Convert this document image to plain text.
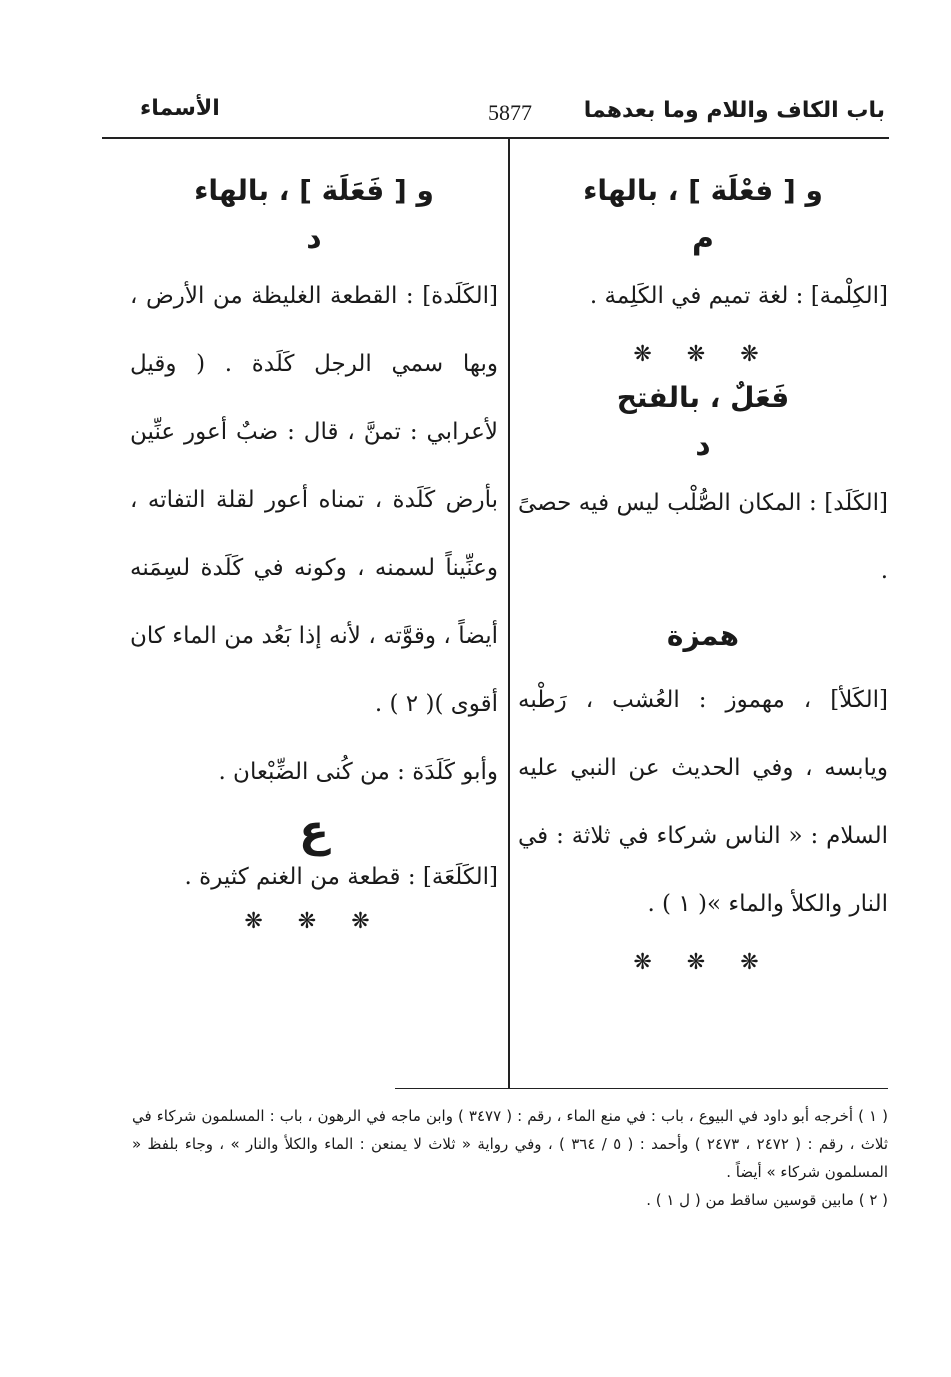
باب الكاف واللام وما بعدهما
5877
الأسماء
و [ فعْلَة ] ، بالهاء
م

[الكِلْمة] : لغة تميم في الكَلِمة .

❋ ❋ ❋
فَعَلٌ ، بالفتح
د

[الكَلَد] : المكان الصُّلْب ليس فيه حصىً .

همزة

[الكَلأ] ، مهموز : العُشب ، رَطْبه ويابسه ، وفي الحديث عن النبي عليه السلام : « الناس شركاء في ثلاثة : في النار والكلأ والماء »( ١ ) .

❋ ❋ ❋
و [ فَعَلَة ] ، بالهاء
د

[الكَلَدة] : القطعة الغليظة من الأرض ، وبها سمي الرجل كَلَدة . ( وقيل لأعرابي : تمنَّ ، قال : ضبٌ أعور عنِّين بأرض كَلَدة ، تمناه أعور لقلة التفاته ، وعنِّيناً لسمنه ، وكونه في كَلَدة لسِمَنه أيضاً ، وقوَّته ، لأنه إذا بَعُد من الماء كان أقوى )( ٢ ) .

وأبو كَلَدَة : من كُنى الضِّبْعان .

ع

[الكَلَعَة] : قطعة من الغنم كثيرة .

❋ ❋ ❋

( ١ ) أخرجه أبو داود في البيوع ، باب : في منع الماء ، رقم : ( ٣٤٧٧ ) وابن ماجه في الرهون ، باب : المسلمون شركاء في ثلاث ، رقم : ( ٢٤٧٢ ، ٢٤٧٣ ) وأحمد : ( ٥ / ٣٦٤ ) ، وفي رواية « ثلاث لا يمنعن : الماء والكلأ والنار » ، وجاء بلفظ « المسلمون شركاء » أيضاً .

( ٢ ) مابين قوسين ساقط من ( ل ١ ) .
